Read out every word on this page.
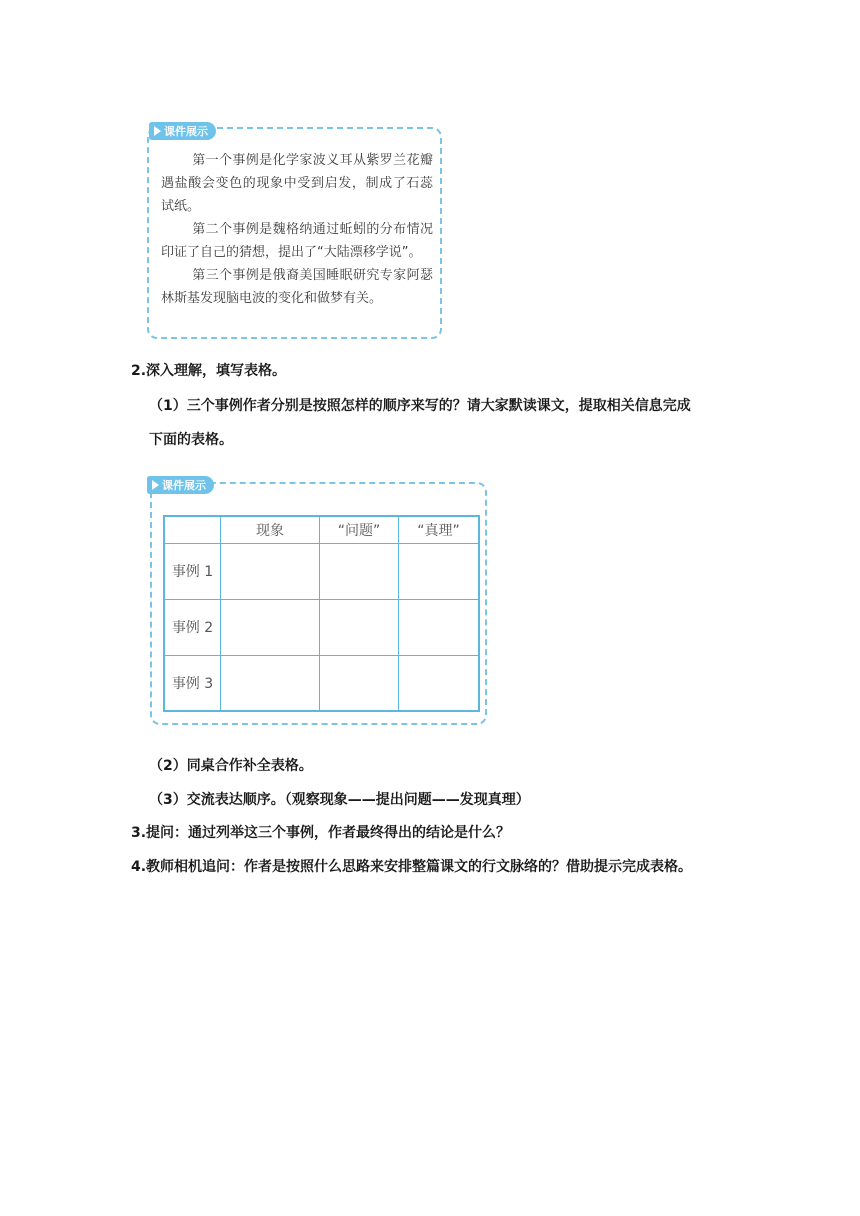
课件展示

第一个事例是化学家波义耳从紫罗兰花瓣遇盐酸会变色的现象中受到启发，制成了石蕊试纸。

第二个事例是魏格纳通过蚯蚓的分布情况印证了自己的猜想，提出了“大陆漂移学说”。

第三个事例是俄裔美国睡眠研究专家阿瑟林斯基发现脑电波的变化和做梦有关。

2.深入理解，填写表格。
（1）三个事例作者分别是按照怎样的顺序来写的？请大家默读课文，提取相关信息完成
下面的表格。
课件展示
	现象	“问题”	“真理”
事例 1			
事例 2			
事例 3			
（2）同桌合作补全表格。
（3）交流表达顺序。（观察现象——提出问题——发现真理）
3.提问：通过列举这三个事例，作者最终得出的结论是什么？
4.教师相机追问：作者是按照什么思路来安排整篇课文的行文脉络的？借助提示完成表格。
